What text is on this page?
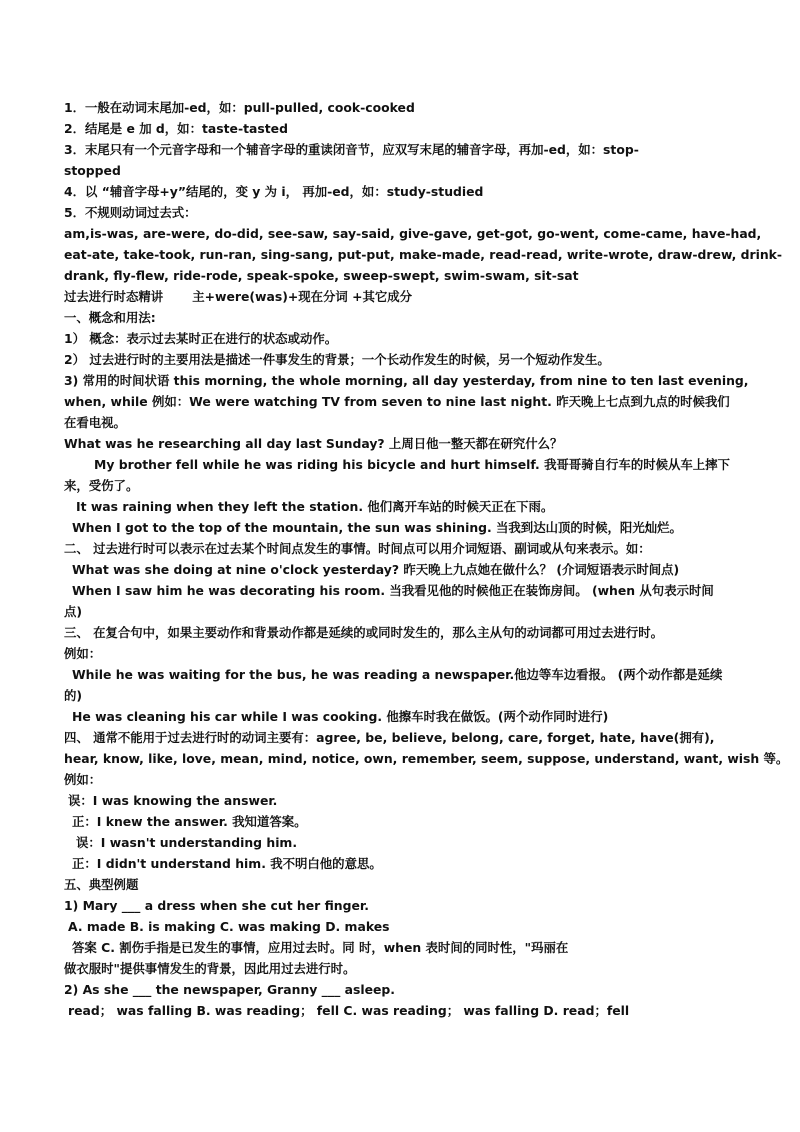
1．一般在动词末尾加-ed，如：pull-pulled, cook-cooked
2．结尾是 e 加 d，如：taste-tasted
3．末尾只有一个元音字母和一个辅音字母的重读闭音节，应双写末尾的辅音字母，再加-ed，如：stop-
stopped
4．以 “辅音字母+y”结尾的，变 y 为 i， 再加-ed，如：study-studied
5．不规则动词过去式：
am,is-was, are-were, do-did, see-saw, say-said, give-gave, get-got, go-went, come-came, have-had,
eat-ate, take-took, run-ran, sing-sang, put-put, make-made, read-read, write-wrote, draw-drew, drink-
drank, fly-flew, ride-rode, speak-spoke, sweep-swept, swim-swam, sit-sat
过去进行时态精讲 　　主+were(was)+现在分词 +其它成分
一、概念和用法:
1） 概念：表示过去某时正在进行的状态或动作。
2） 过去进行时的主要用法是描述一件事发生的背景；一个长动作发生的时候，另一个短动作发生。
3) 常用的时间状语 this morning, the whole morning, all day yesterday, from nine to ten last evening,
when, while 例如：We were watching TV from seven to nine last night. 昨天晚上七点到九点的时候我们
在看电视。
What was he researching all day last Sunday? 上周日他一整天都在研究什么？
My brother fell while he was riding his bicycle and hurt himself. 我哥哥骑自行车的时候从车上摔下
来，受伤了。
It was raining when they left the station. 他们离开车站的时候天正在下雨。
When I got to the top of the mountain, the sun was shining. 当我到达山顶的时候，阳光灿烂。
二、 过去进行时可以表示在过去某个时间点发生的事情。时间点可以用介词短语、副词或从句来表示。如：
What was she doing at nine o'clock yesterday? 昨天晚上九点她在做什么？ (介词短语表示时间点)
When I saw him he was decorating his room. 当我看见他的时候他正在装饰房间。 (when 从句表示时间
点)
三、 在复合句中，如果主要动作和背景动作都是延续的或同时发生的，那么主从句的动词都可用过去进行时。
例如：
While he was waiting for the bus, he was reading a newspaper.他边等车边看报。 (两个动作都是延续
的)
He was cleaning his car while I was cooking. 他擦车时我在做饭。(两个动作同时进行)
四、 通常不能用于过去进行时的动词主要有：agree, be, believe, belong, care, forget, hate, have(拥有),
hear, know, like, love, mean, mind, notice, own, remember, seem, suppose, understand, want, wish 等。
例如：
误：I was knowing the answer.
正：I knew the answer. 我知道答案。
误：I wasn't understanding him.
正：I didn't understand him. 我不明白他的意思。
五、典型例题
1) Mary ___ a dress when she cut her finger.
A. made B. is making C. was making D. makes
答案 C. 割伤手指是已发生的事情，应用过去时。同 时，when 表时间的同时性，"玛丽在
做衣服时"提供事情发生的背景，因此用过去进行时。
2) As she ___ the newspaper, Granny ___ asleep.
read； was falling B. was reading； fell C. was reading； was falling D. read；fell
